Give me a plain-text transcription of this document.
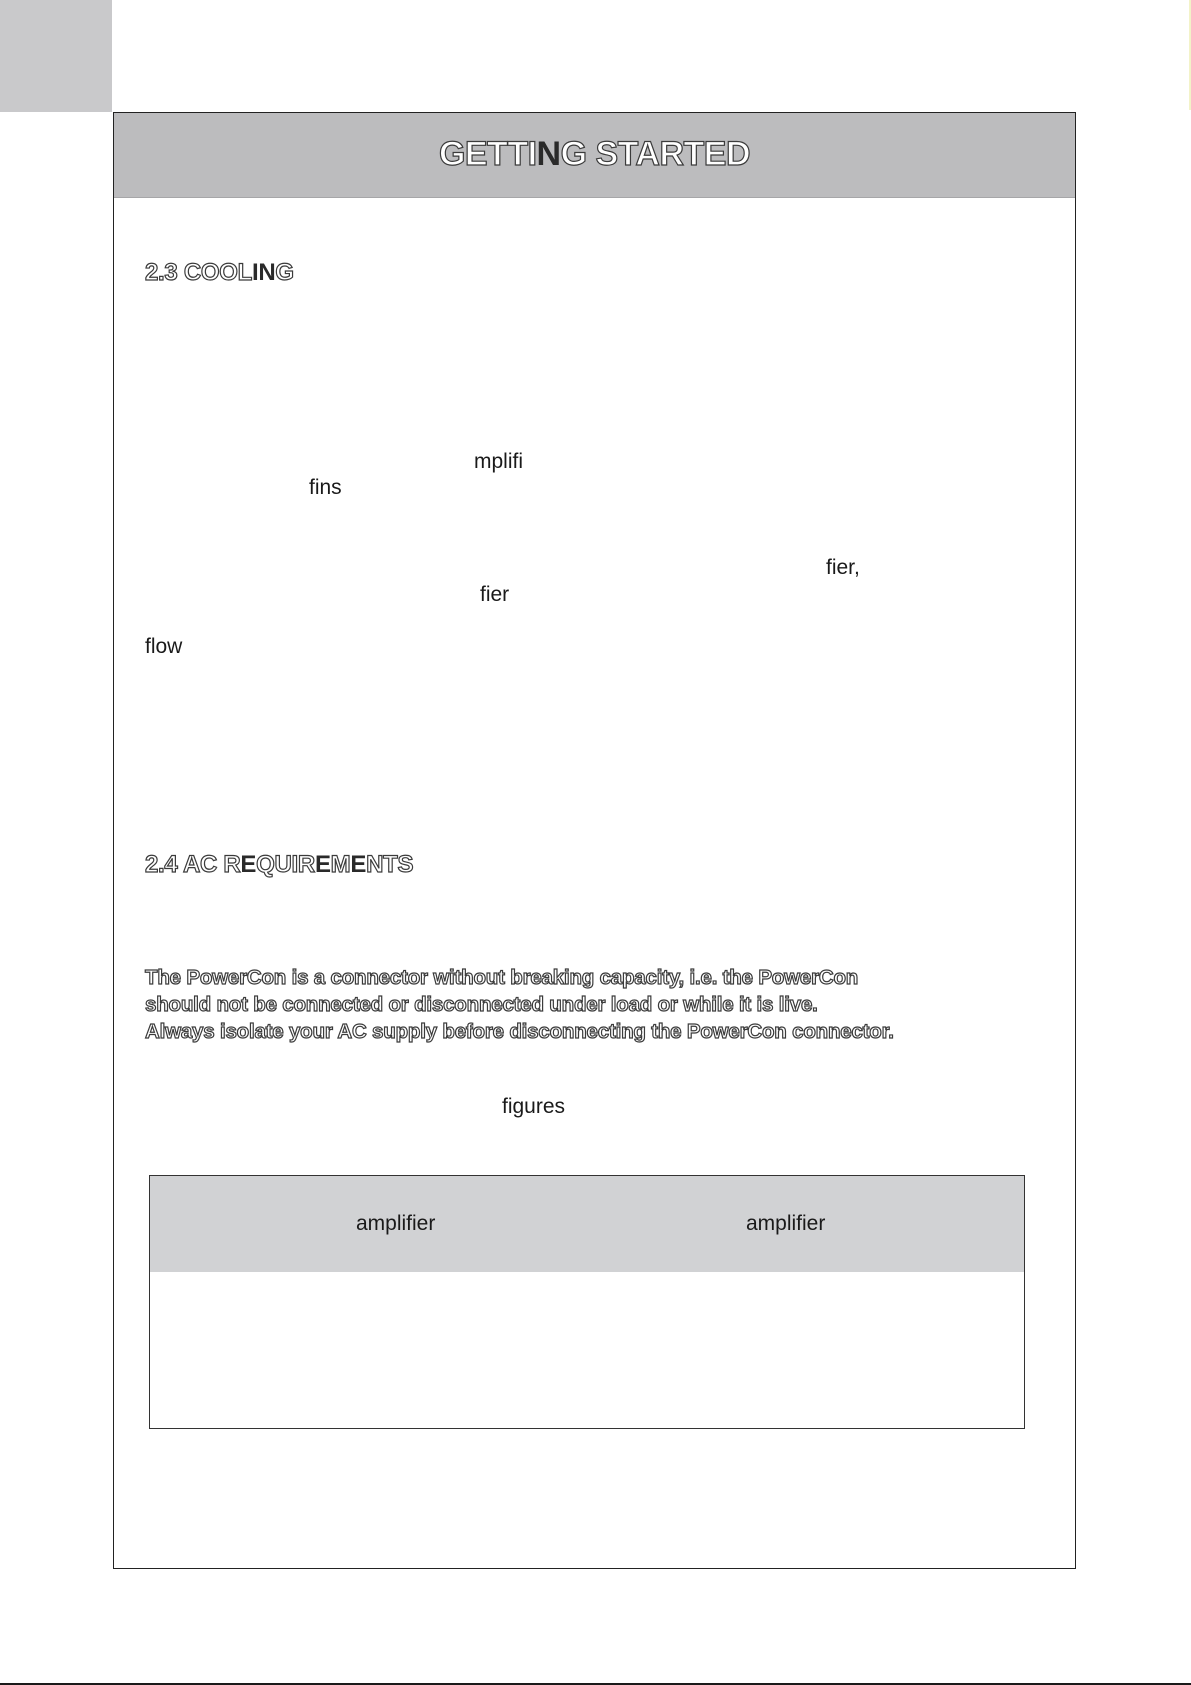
GETTING STARTED
2.3 COOLING

mplifi

fins

fier,

fier

flow

2.4 AC REQUIREMENTS

The PowerCon is a connector without breaking capacity, i.e. the PowerCon
should not be connected or disconnected under load or while it is live.
Always isolate your AC supply before disconnecting the PowerCon connector.

figures

amplifier	amplifier
